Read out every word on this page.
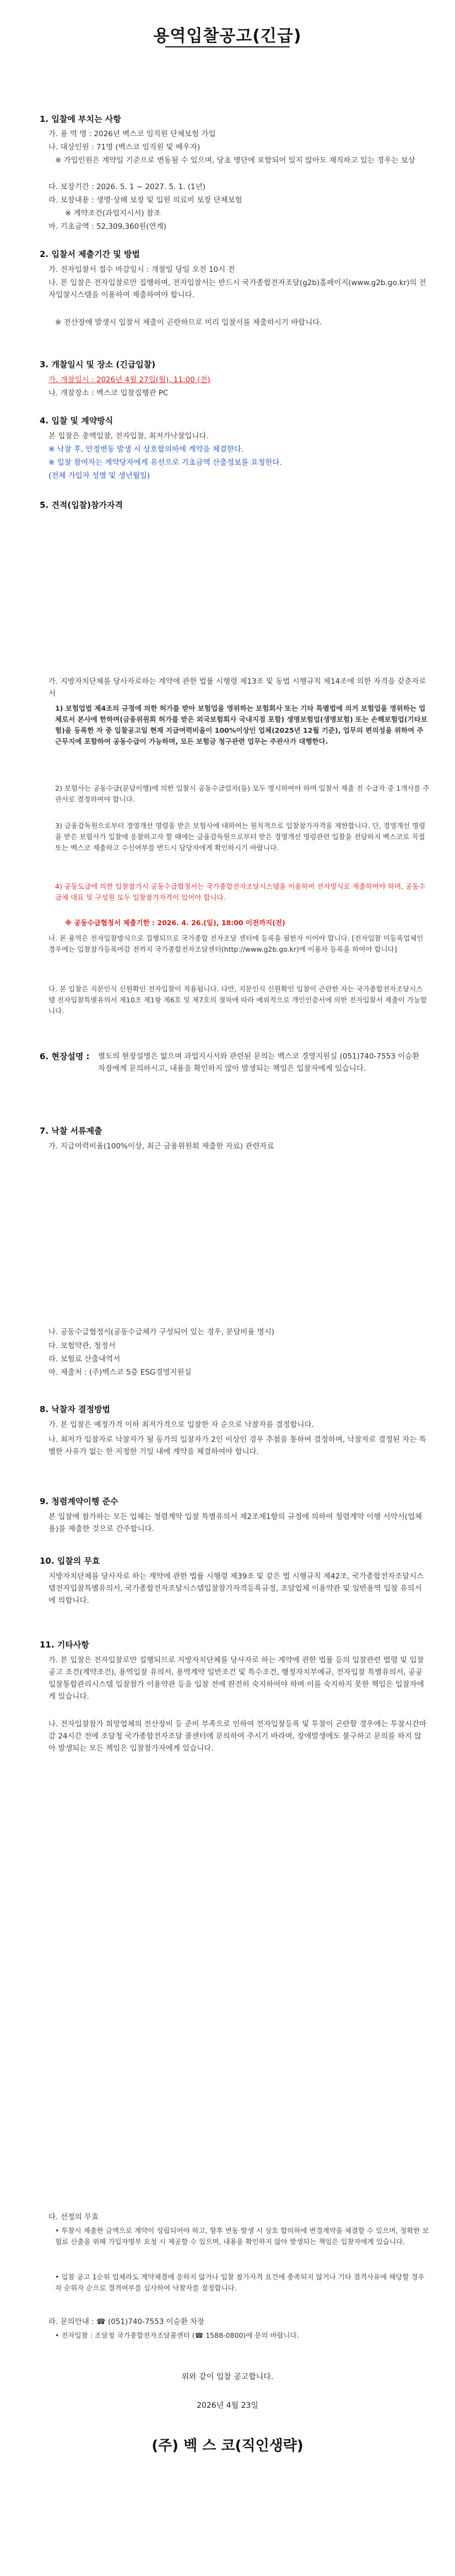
용역입찰공고(긴급)
1. 입찰에 부치는 사항
가. 용 역 명 : 2026년 벡스코 임직원 단체보험 가입
나. 대상인원 : 71명 (벡스코 임직원 및 배우자)
※ 가입인원은 계약일 기준으로 변동될 수 있으며, 당초 명단에 포함되어 있지 않아도 재직하고 있는 경우는 보상
다. 보장기간 : 2026. 5. 1 ~ 2027. 5. 1. (1년)
라. 보장내용 : 생명·상해 보장 및 입원 의료비 보장 단체보험
※ 계약조건(과업지시서) 참조
마. 기초금액 : 52,309,360원(연계)
2. 입찰서 제출기간 및 방법
가. 전자입찰서 접수 마감일시 : 개찰일 당일 오전 10시 전
나. 본 입찰은 전자입찰로만 집행하며, 전자입찰서는 반드시 국가종합전자조달(g2b)홈페이지(www.g2b.go.kr)의 전자입찰시스템을 이용하여 제출하여야 합니다.
※ 전산장애 발생시 입찰서 제출이 곤란하므로 미리 입찰서를 제출하시기 바랍니다.
3. 개찰일시 및 장소 (긴급입찰)
가. 개찰일시 : 2026년 4월 27일(월), 11:00 (전)
나. 개찰장소 : 벡스코 입찰집행관 PC
4. 입찰 및 계약방식
본 입찰은 총액입찰, 전자입찰, 최저가낙찰입니다.
※ 낙찰 후, 안정변동 발생 시 상호합의하에 계약을 체결한다.
※ 입찰 참여자는 계약당자에게 유선으로 기초금액 산출정보를 요청한다.
(전체 가입자 성별 및 생년월일)
5. 견적(입찰)참가자격
가. 지방자치단체를 당사자로하는 계약에 관한 법률 시행령 제13조 및 동법 시행규칙 제14조에 의한 자격을 갖춘자로서
1) 보험업법 제4조의 규정에 의한 허가를 받아 보험업을 영위하는 보험회사 또는 기타 특별법에 의거 보험업을 영위하는 업체로서 본사에 한하며(금융위원회 허가를 받은 외국보험회사 국내지점 포함) 생명보험업(생명보험) 또는 손해보험업(기타보험)을 등록한 자 중 입찰공고일 현재 지급여력비율이 100%이상인 업체(2025년 12월 기준), 업무의 편의성을 위하여 주 근무지에 포함하여 공동수급이 가능하며, 모든 보험금 청구관련 업무는 주관사가 대행한다.
2) 보험사는 공동수급(분담이행)에 의한 입찰시 공동수급업자(들) 모두 명시하여야 하며 입찰서 제출 전 수급자 중 1개사를 주관사로 결정하여야 합니다.
3) 금융감독원으로부터 경영개선 명령을 받은 보험사에 대하여는 원칙적으로 입찰참가자격을 제한합니다. 단, 경영개선 명령을 받은 보험사가 입찰에 응찰하고자 할 때에는 금융감독원으로부터 받은 경영개선 명령관련 입찰을 전담하지 벡스코로 직접 또는 벡스코 제출하고 수신여부를 반드시 담당자에게 확인하시기 바랍니다.
4) 공동도급에 의한 입찰참가시 공동수급협정서는 국가종합전자조달시스템을 이용하여 전자방식로 제출하여야 하며, 공동수급체 대표 및 구성원 모두 입찰참가자격이 있어야 합니다.
※ 공동수급협정서 제출기한 : 2026. 4. 26.(일), 18:00 이전까지(전)
나. 본 용역은 전자입찰방식으로 집행되므로 국가종합 전자조달 센터에 등록을 필한자 이어야 합니다. [전자입찰 미등록업체인 경우에는 입찰참가등록마감 전까지 국가종합전자조달센터(http://www.g2b.go.kr)에 이용자 등록을 하여야 합니다]
다. 본 입찰은 지문인식 신원확인 전자입찰이 적용됩니다. 다만, 지문인식 신원확인 입찰이 곤란한 자는 국가종합전자조달시스템 전자입찰특별유의서 제10조 제1항 제6호 및 제7호의 절차에 따라 예외적으로 개인인증서에 의한 전자입찰서 제출이 가능합니다.
6. 현장설명 : 별도의 현장설명은 없으며 과업지시서와 관련된 문의는 벡스코 경영지원실 (051)740-7553 이승환 차장에게 문의하시고, 내용을 확인하지 않아 발생되는 책임은 입찰자에게 있습니다.
7. 낙찰 서류제출
가. 지급여력비율(100%이상, 최근 금융위원회 제출한 자료) 관련자료
나. 공동수급협정서(공동수급체가 구성되어 있는 경우, 분담비율 명시)
다. 보험약관, 청정서
라. 보험료 산출내역서
마. 제출처 : (주)벡스코 5층 ESG경영지원실
8. 낙찰자 결정방법
가. 본 입찰은 예정가격 이하 최저가격으로 입찰한 자 순으로 낙찰자를 결정합니다.
나. 최저가 입찰자로 낙찰자가 될 동가의 입찰자가 2인 이상인 경우 추첨을 통하여 결정하며, 낙찰자로 결정된 자는 특별한 사유가 없는 한 지정한 기일 내에 계약을 체결하여야 합니다.
9. 청렴계약이행 준수
본 입찰에 참가하는 모든 업체는 청렴계약 입찰 특별유의서 제2조제1항의 규정에 의하여 청렴계약 이행 서약서(업체용)를 제출한 것으로 간주합니다.
10. 입찰의 무효
지방자치단체를 당사자로 하는 계약에 관한 법률 시행령 제39조 및 같은 법 시행규칙 제42조, 국가종합전자조달시스템전자입찰특별유의서, 국가종합전자조달시스템입찰참가자격등록규정, 조달업체 이용약관 및 일반용역 입찰 유의서에 의합니다.
11. 기타사항
가. 본 입찰은 전자입찰로만 집행되므로 지방자치단체를 당사자로 하는 계약에 관한 법률 등의 입찰관련 법령 및 입찰공고 조건(계약조건), 용역입찰 유의서, 용역계약 일반조건 및 특수조건, 행정자치부예규, 전자입찰 특별유의서, 공공입찰통합관리시스템 입찰참가 이용약관 등을 입찰 전에 완전히 숙지하여야 하며 이를 숙지하지 못한 책임은 입찰자에게 있습니다.
나. 전자입찰참가 희망업체의 전산장비 등 준비 부족으로 인하여 전자입찰등록 및 투찰이 곤란할 경우에는 투찰시간마감 24시간 전에 조달청 국가종합전자조달 콜센터에 문의하여 주시기 바라며, 장애발생에도 불구하고 문의를 하지 않아 발생되는 모든 책임은 입찰참가자에게 있습니다.
다. 선정의 무효
• 투찰시 제출한 금액으로 계약이 성립되어야 하고, 향후 변동 발생 시 상호 합의하에 변경계약을 체결할 수 있으며, 정확한 보험료 산출을 위해 가입자명부 요청 시 제공할 수 있으며, 내용을 확인하지 않아 발생되는 책임은 입찰자에게 있습니다.
• 입찰 공고 1순위 업체라도 계약체결에 응하지 않거나 입찰 참가자격 요건에 충족되지 않거나 기타 결격사유에 해당할 경우 차 순위자 순으로 결격여부를 심사하여 낙찰자를 결정합니다.
라. 문의안내 : ☎ (051)740-7553 이승환 차장
• 전자입찰 : 조달청 국가종합전자조달콜센터 (☎ 1588-0800)에 문의 바랍니다.
위와 같이 입찰 공고합니다.
2026년 4월 23일
(주) 벡 스 코(직인생략)
